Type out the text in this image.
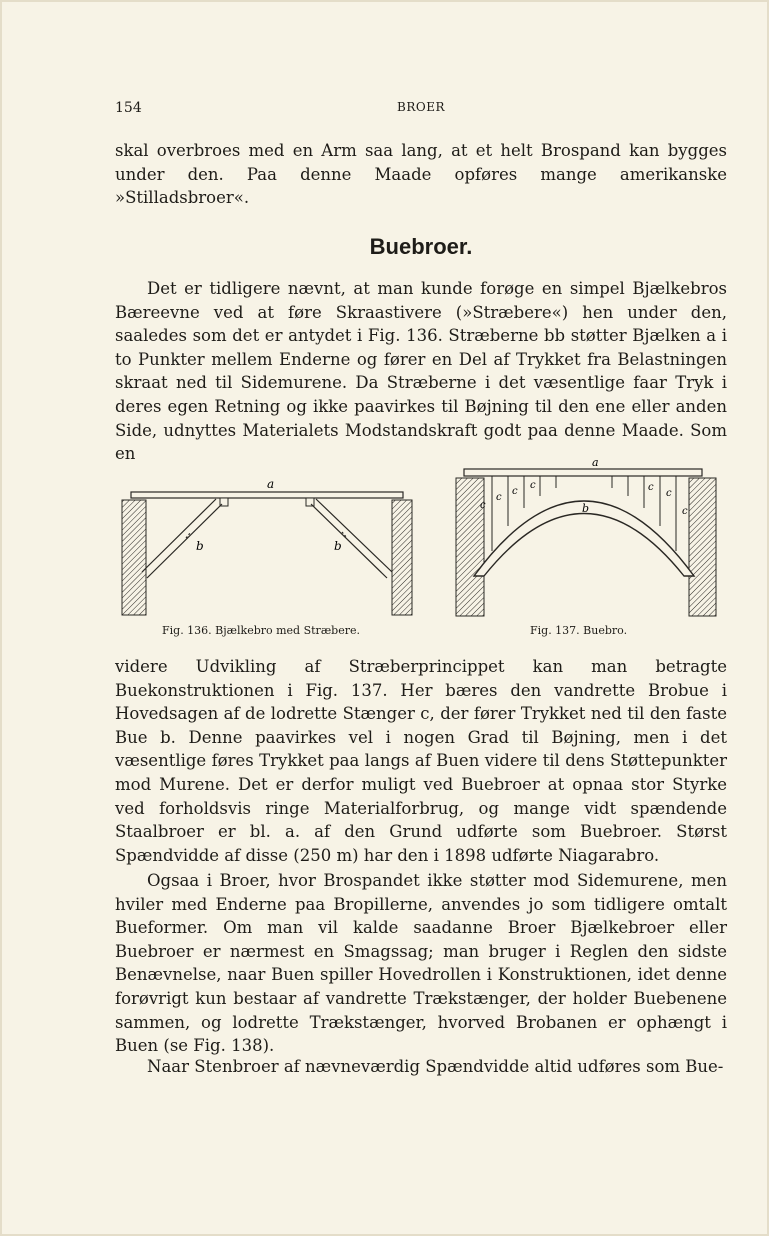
154	BROER

skal overbroes med en Arm saa lang, at et helt Brospand kan bygges under den. Paa denne Maade opføres mange amerikanske »Stilladsbroer«.

Buebroer.

Det er tidligere nævnt, at man kunde forøge en simpel Bjælkebros Bæreevne ved at føre Skraastivere (»Stræbere«) hen under den, saaledes som det er antydet i Fig. 136. Stræberne bb støtter Bjælken a i to Punkter mellem Enderne og fører en Del af Trykket fra Belastningen skraat ned til Sidemurene. Da Stræberne i det væsentlige faar Tryk i deres egen Retning og ikke paavirkes til Bøjning til den ene eller anden Side, udnyttes Materialets Modstandskraft godt paa denne Maade. Som en

a
b	b
Fig. 136. Bjælkebro med Stræbere.
a
b
c
c
c
c	c
c
c
Fig. 137. Buebro.

videre Udvikling af Stræberprincippet kan man betragte Buekonstruktionen i Fig. 137. Her bæres den vandrette Brobue i Hovedsagen af de lodrette Stænger c, der fører Trykket ned til den faste Bue b. Denne paavirkes vel i nogen Grad til Bøjning, men i det væsentlige føres Trykket paa langs af Buen videre til dens Støttepunkter mod Murene. Det er derfor muligt ved Buebroer at opnaa stor Styrke ved forholdsvis ringe Materialforbrug, og mange vidt spændende Staalbroer er bl. a. af den Grund udførte som Buebroer. Størst Spændvidde af disse (250 m) har den i 1898 udførte Niagarabro.

Ogsaa i Broer, hvor Brospandet ikke støtter mod Sidemurene, men hviler med Enderne paa Bropillerne, anvendes jo som tidligere omtalt Bueformer. Om man vil kalde saadanne Broer Bjælkebroer eller Buebroer er nærmest en Smagssag; man bruger i Reglen den sidste Benævnelse, naar Buen spiller Hovedrollen i Konstruktionen, idet denne forøvrigt kun bestaar af vandrette Trækstænger, der holder Buebenene sammen, og lodrette Trækstænger, hvorved Brobanen er ophængt i Buen (se Fig. 138).

Naar Stenbroer af nævneværdig Spændvidde altid udføres som Bue-
